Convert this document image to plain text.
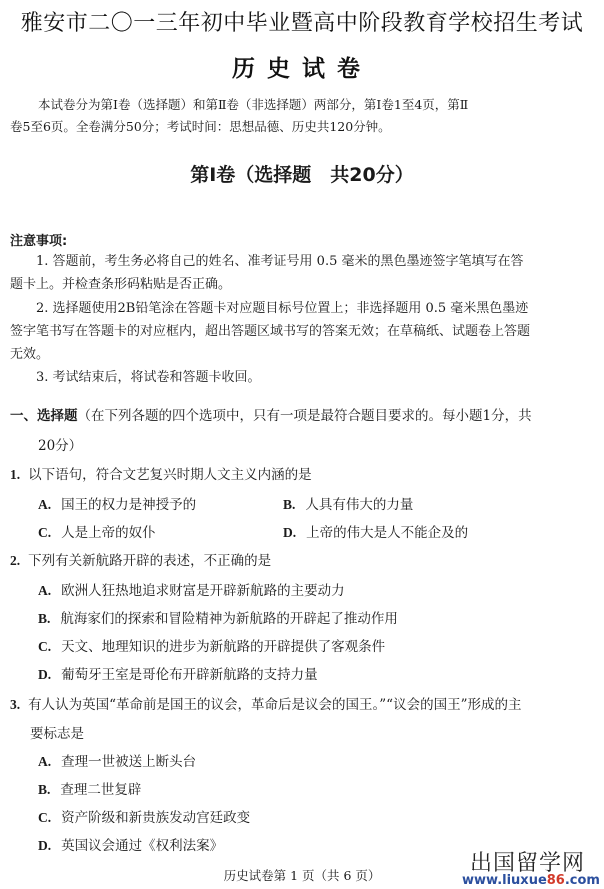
雅安市二〇一三年初中毕业暨高中阶段教育学校招生考试
历史试卷
本试卷分为第Ⅰ卷（选择题）和第Ⅱ卷（非选择题）两部分，第Ⅰ卷1至4页，第Ⅱ
卷5至6页。全卷满分50分；考试时间：思想品德、历史共120分钟。
第Ⅰ卷（选择题　共20分）
注意事项:
1. 答题前，考生务必将自己的姓名、准考证号用 0.5 毫米的黑色墨迹签字笔填写在答
题卡上。并检查条形码粘贴是否正确。
2. 选择题使用2B铅笔涂在答题卡对应题目标号位置上；非选择题用 0.5 毫米黑色墨迹
签字笔书写在答题卡的对应框内，超出答题区域书写的答案无效；在草稿纸、试题卷上答题
无效。
3. 考试结束后，将试卷和答题卡收回。
一、选择题（在下列各题的四个选项中，只有一项是最符合题目要求的。每小题1分，共
20分）
1. 以下语句，符合文艺复兴时期人文主义内涵的是
A. 国王的权力是神授予的	B. 人具有伟大的力量
C. 人是上帝的奴仆	D. 上帝的伟大是人不能企及的
2. 下列有关新航路开辟的表述，不正确的是
A. 欧洲人狂热地追求财富是开辟新航路的主要动力
B. 航海家们的探索和冒险精神为新航路的开辟起了推动作用
C. 天文、地理知识的进步为新航路的开辟提供了客观条件
D. 葡萄牙王室是哥伦布开辟新航路的支持力量
3. 有人认为英国“革命前是国王的议会，革命后是议会的国王。”“议会的国王”形成的主
要标志是
A. 查理一世被送上断头台
B. 查理二世复辟
C. 资产阶级和新贵族发动宫廷政变
D. 英国议会通过《权利法案》
历史试卷第 1 页（共 6 页）	出国留学网
www.liuxue86.com
